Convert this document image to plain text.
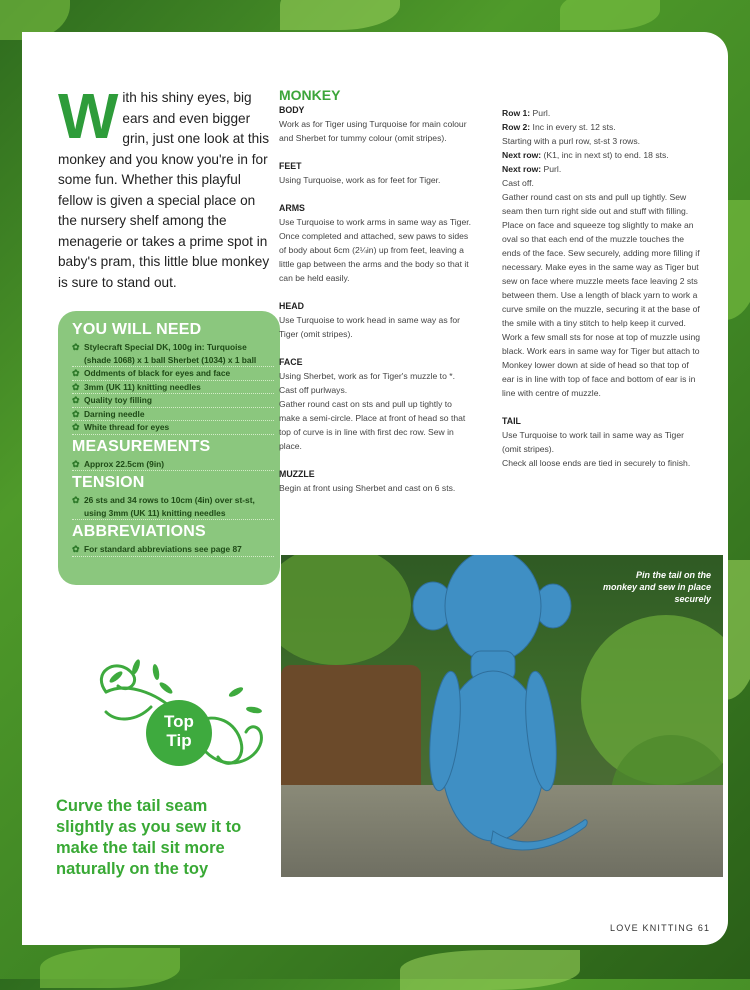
With his shiny eyes, big ears and even bigger grin, just one look at this monkey and you know you're in for some fun. Whether this playful fellow is given a special place on the nursery shelf among the menagerie or takes a prime spot in baby's pram, this little blue monkey is sure to stand out.
YOU WILL NEED
✿ Stylecraft Special DK, 100g in: Turquoise (shade 1068) x 1 ball Sherbet (1034) x 1 ball
✿ Oddments of black for eyes and face
✿ 3mm (UK 11) knitting needles
✿ Quality toy filling
✿ Darning needle
✿ White thread for eyes
MEASUREMENTS
✿ Approx 22.5cm (9in)
TENSION
✿ 26 sts and 34 rows to 10cm (4in) over st-st, using 3mm (UK 11) knitting needles
ABBREVIATIONS
✿ For standard abbreviations see page 87
Top
Tip
Curve the tail seam slightly as you sew it to make the tail sit more naturally on the toy
MONKEY
BODY

Work as for Tiger using Turquoise for main colour and Sherbet for tummy colour (omit stripes).

FEET

Using Turquoise, work as for feet for Tiger.

ARMS

Use Turquoise to work arms in same way as Tiger. Once completed and attached, sew paws to sides of body about 6cm (2¼in) up from feet, leaving a little gap between the arms and the body so that it can be held easily.

HEAD

Use Turquoise to work head in same way as for Tiger (omit stripes).

FACE

Using Sherbet, work as for Tiger's muzzle to *. Cast off purlways.

Gather round cast on sts and pull up tightly to make a semi-circle. Place at front of head so that top of curve is in line with first dec row. Sew in place.

MUZZLE

Begin at front using Sherbet and cast on 6 sts.

Row 1: Purl.
Row 2: Inc in every st. 12 sts.
Starting with a purl row, st-st 3 rows.
Next row: (K1, inc in next st) to end. 18 sts.
Next row: Purl.
Cast off.

Gather round cast on sts and pull up tightly. Sew seam then turn right side out and stuff with filling. Place on face and squeeze tog slightly to make an oval so that each end of the muzzle touches the ends of the face. Sew securely, adding more filling if necessary. Make eyes in the same way as Tiger but sew on face where muzzle meets face leaving 2 sts between them. Use a length of black yarn to work a curve smile on the muzzle, securing it at the base of the smile with a tiny stitch to help keep it curved. Work a few small sts for nose at top of muzzle using black. Work ears in same way for Tiger but attach to Monkey lower down at side of head so that top of ear is in line with top of face and bottom of ear is in line with centre of muzzle.

TAIL

Use Turquoise to work tail in same way as Tiger (omit stripes).

Check all loose ends are tied in securely to finish.

Pin the tail on the monkey and sew in place securely
LOVE KNITTING 61
